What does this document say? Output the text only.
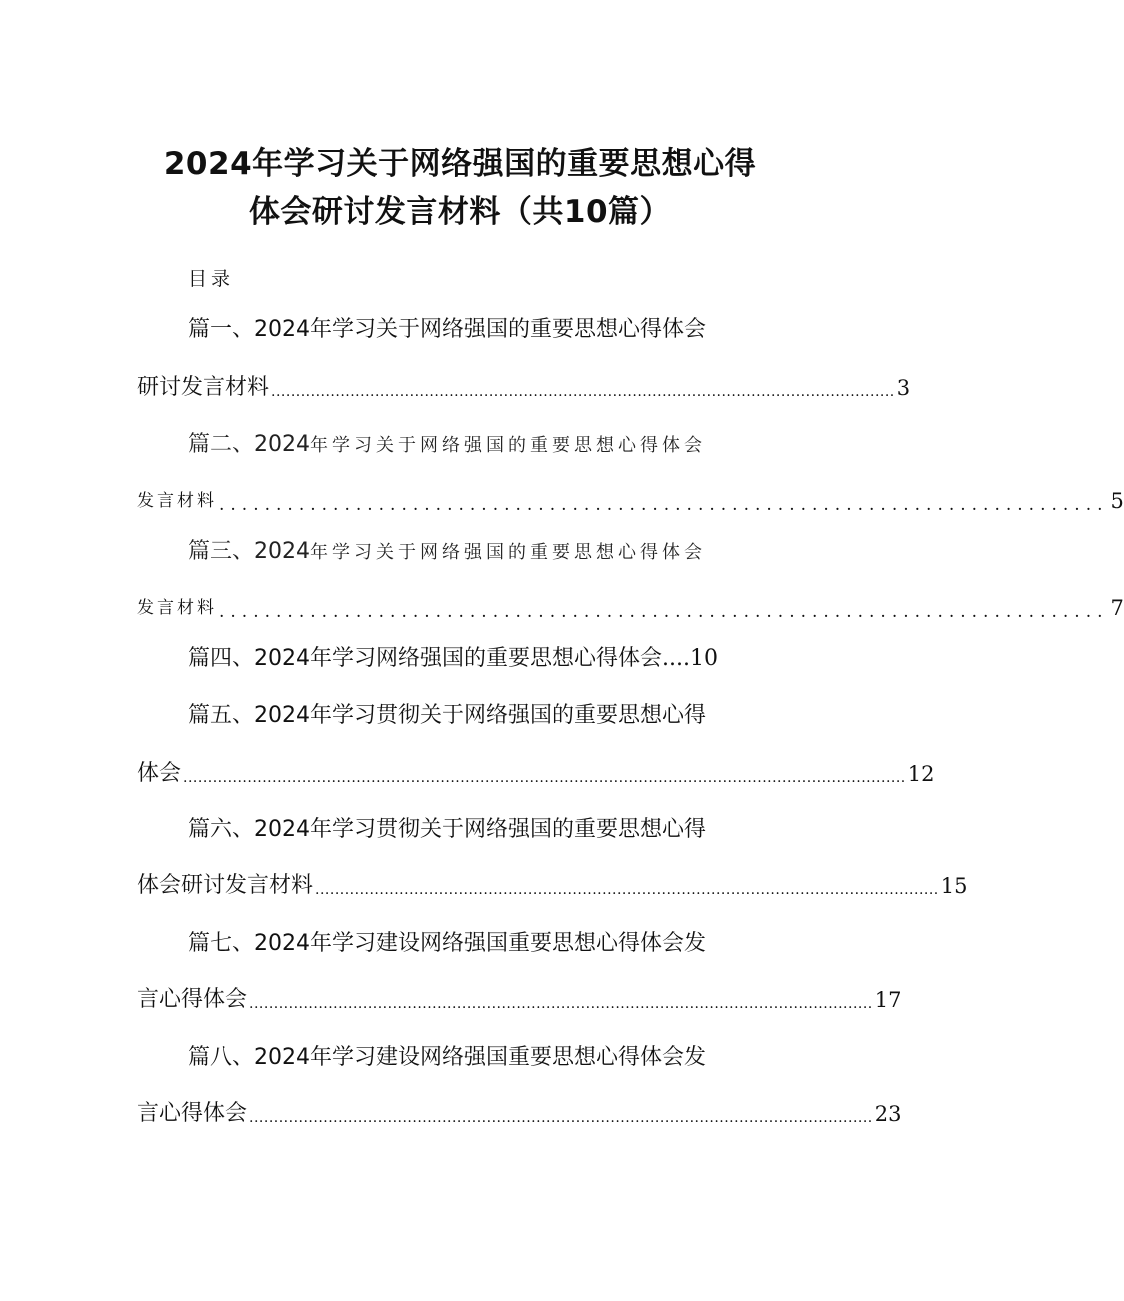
2024年学习关于网络强国的重要思想心得
体会研讨发言材料（共10篇）
目录
篇一、2024年学习关于网络强国的重要思想心得体会
研讨发言材料 .............................................................................................................................. 3
篇二、2024年学习关于网络强国的重要思想心得体会
发言材料 .............................................................................. 5
篇三、2024年学习关于网络强国的重要思想心得体会
发言材料 .............................................................................. 7
篇四、2024年学习网络强国的重要思想心得体会....10
篇五、2024年学习贯彻关于网络强国的重要思想心得
体会 .................................................................................................................................................. 12
篇六、2024年学习贯彻关于网络强国的重要思想心得
体会研讨发言材料 .............................................................................................................................. 15
篇七、2024年学习建设网络强国重要思想心得体会发
言心得体会 .............................................................................................................................. 17
篇八、2024年学习建设网络强国重要思想心得体会发
言心得体会 .............................................................................................................................. 23
